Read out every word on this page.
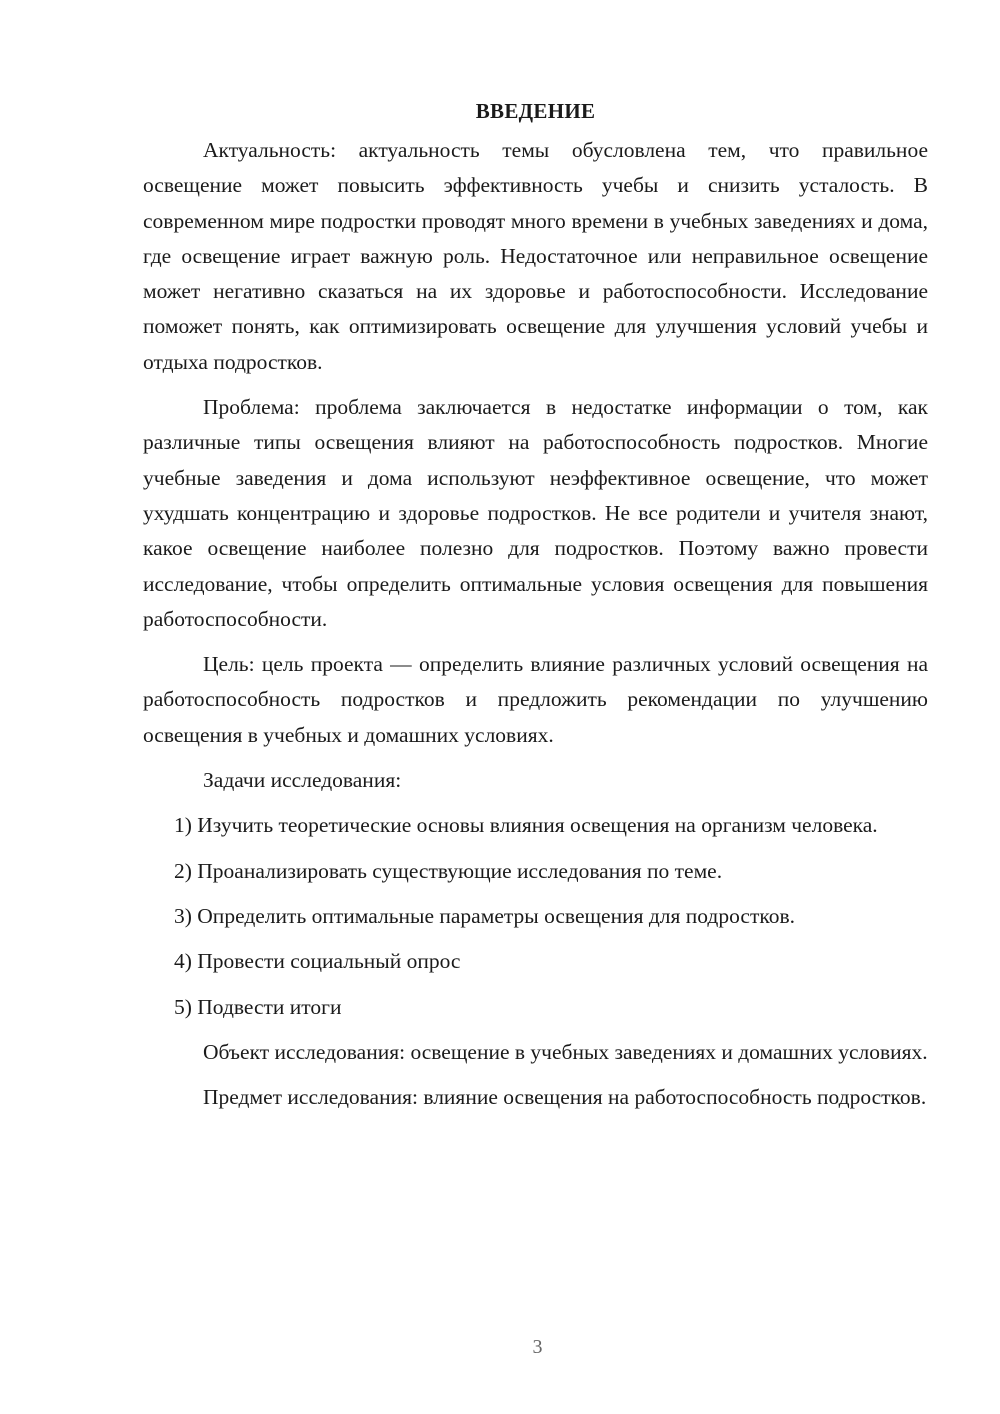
ВВЕДЕНИЕ

Актуальность: актуальность темы обусловлена тем, что правильное освещение может повысить эффективность учебы и снизить усталость. В современном мире подростки проводят много времени в учебных заведениях и дома, где освещение играет важную роль. Недостаточное или неправильное освещение может негативно сказаться на их здоровье и работоспособности. Исследование поможет понять, как оптимизировать освещение для улучшения условий учебы и отдыха подростков.

Проблема: проблема заключается в недостатке информации о том, как различные типы освещения влияют на работоспособность подростков. Многие учебные заведения и дома используют неэффективное освещение, что может ухудшать концентрацию и здоровье подростков. Не все родители и учителя знают, какое освещение наиболее полезно для подростков. Поэтому важно провести исследование, чтобы определить оптимальные условия освещения для повышения работоспособности.

Цель: цель проекта — определить влияние различных условий освещения на работоспособность подростков и предложить рекомендации по улучшению освещения в учебных и домашних условиях.

Задачи исследования:

1) Изучить теоретические основы влияния освещения на организм человека.

2) Проанализировать существующие исследования по теме.

3) Определить оптимальные параметры освещения для подростков.

4) Провести социальный опрос

5) Подвести итоги

Объект исследования: освещение в учебных заведениях и домашних условиях.

Предмет исследования: влияние освещения на работоспособность подростков.

3
